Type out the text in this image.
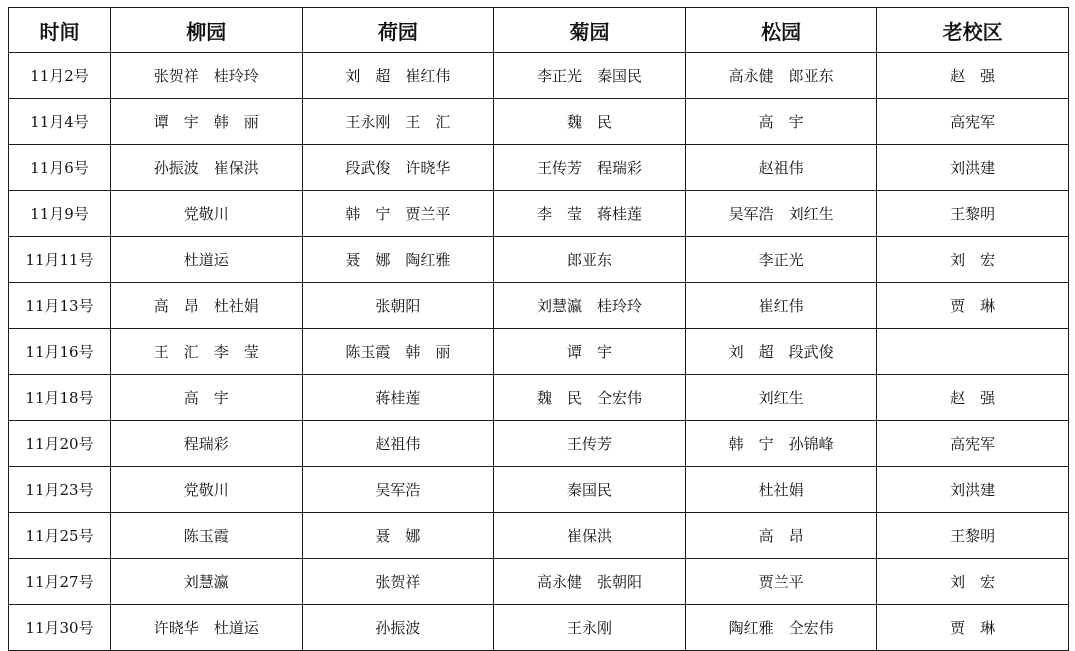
时间	柳园	荷园	菊园	松园	老校区
11月2号	张贺祥　桂玲玲	刘　超　崔红伟	李正光　秦国民	高永健　郎亚东	赵　强
11月4号	谭　宇　韩　丽	王永刚　王　汇	魏　民	高　宇	高宪军
11月6号	孙振波　崔保洪	段武俊　许晓华	王传芳　程瑞彩	赵祖伟	刘洪建
11月9号	党敬川	韩　宁　贾兰平	李　莹　蒋桂莲	吴军浩　刘红生	王黎明
11月11号	杜道运	聂　娜　陶红雅	郎亚东	李正光	刘　宏
11月13号	高　昂　杜社娟	张朝阳	刘慧瀛　桂玲玲	崔红伟	贾　琳
11月16号	王　汇　李　莹	陈玉霞　韩　丽	谭　宇	刘　超　段武俊	
11月18号	高　宇	蒋桂莲	魏　民　仝宏伟	刘红生	赵　强
11月20号	程瑞彩	赵祖伟	王传芳	韩　宁　孙锦峰	高宪军
11月23号	党敬川	吴军浩	秦国民	杜社娟	刘洪建
11月25号	陈玉霞	聂　娜	崔保洪	高　昂	王黎明
11月27号	刘慧瀛	张贺祥	高永健　张朝阳	贾兰平	刘　宏
11月30号	许晓华　杜道运	孙振波	王永刚	陶红雅　仝宏伟	贾　琳
